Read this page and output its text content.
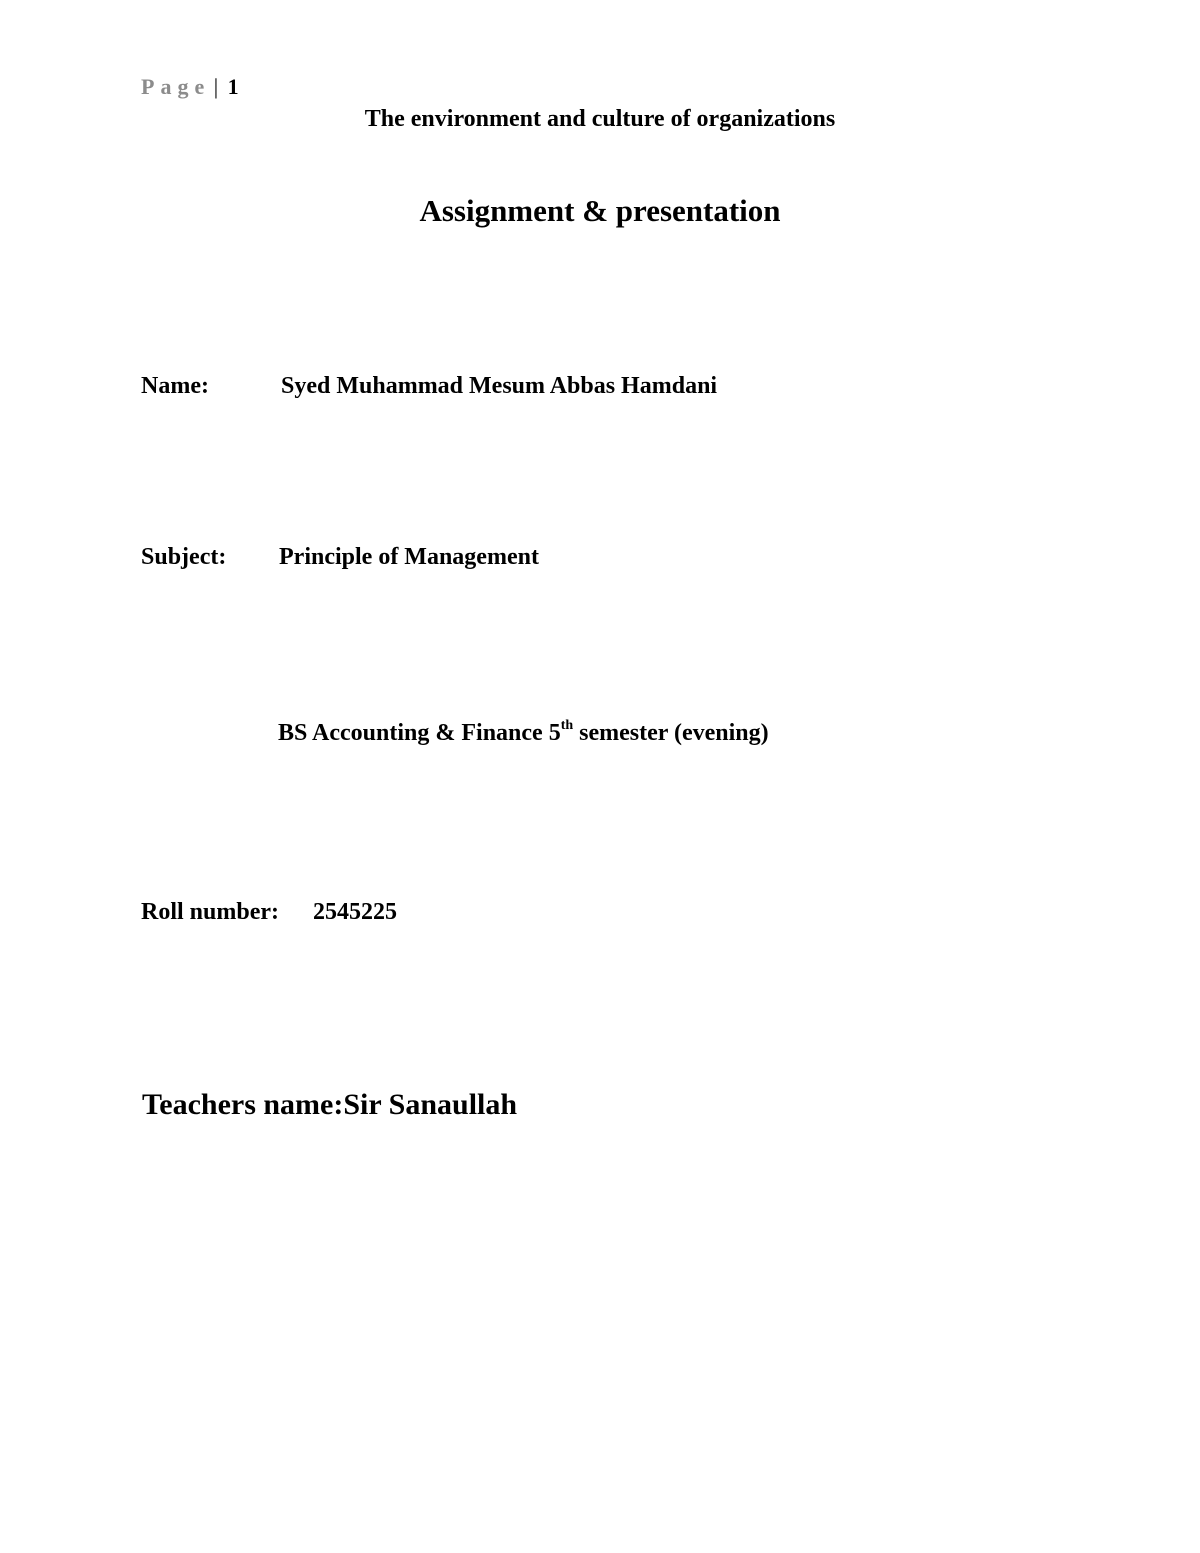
Page | 1
The environment and culture of organizations
Assignment & presentation
Name:	Syed Muhammad Mesum Abbas Hamdani
Subject: Principle of Management
BS Accounting & Finance 5th semester (evening)
Roll number: 2545225
Teachers name:Sir Sanaullah
